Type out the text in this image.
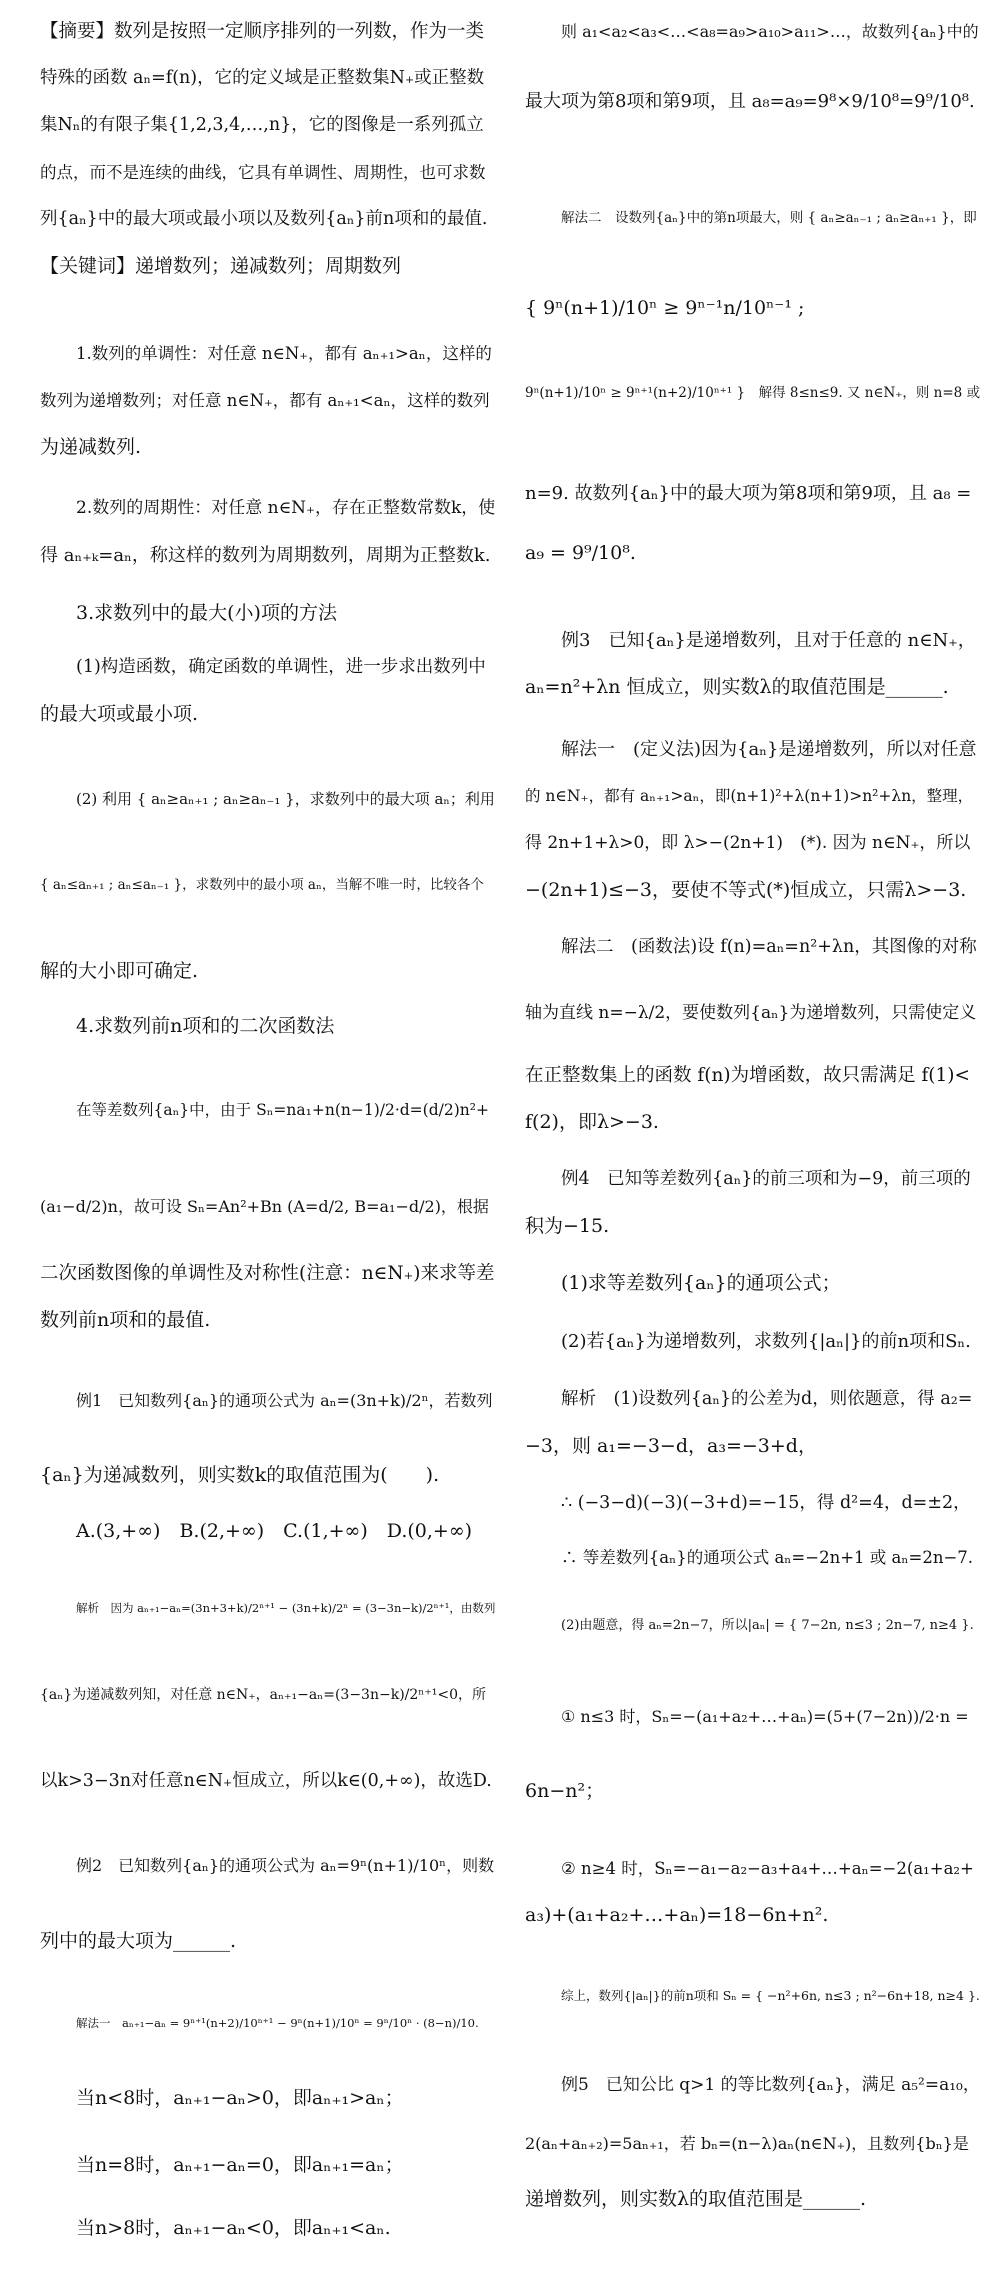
【摘要】数列是按照一定顺序排列的一列数，作为一类
特殊的函数 aₙ=f(n)，它的定义域是正整数集N₊或正整数
集Nₙ的有限子集{1,2,3,4,…,n}，它的图像是一系列孤立
的点，而不是连续的曲线，它具有单调性、周期性，也可求数
列{aₙ}中的最大项或最小项以及数列{aₙ}前n项和的最值.
【关键词】递增数列；递减数列；周期数列
1.数列的单调性：对任意 n∈N₊，都有 aₙ₊₁>aₙ，这样的
数列为递增数列；对任意 n∈N₊，都有 aₙ₊₁<aₙ，这样的数列
为递减数列.
2.数列的周期性：对任意 n∈N₊，存在正整数常数k，使
得 aₙ₊ₖ=aₙ，称这样的数列为周期数列，周期为正整数k.
3.求数列中的最大(小)项的方法
(1)构造函数，确定函数的单调性，进一步求出数列中
的最大项或最小项.
(2) 利用 { aₙ≥aₙ₊₁ ; aₙ≥aₙ₋₁ }，求数列中的最大项 aₙ；利用
{ aₙ≤aₙ₊₁ ; aₙ≤aₙ₋₁ }，求数列中的最小项 aₙ，当解不唯一时，比较各个
解的大小即可确定.
4.求数列前n项和的二次函数法
在等差数列{aₙ}中，由于 Sₙ=na₁+n(n−1)/2·d=(d/2)n²+
(a₁−d/2)n，故可设 Sₙ=An²+Bn (A=d/2, B=a₁−d/2)，根据
二次函数图像的单调性及对称性(注意：n∈N₊)来求等差
数列前n项和的最值.
例1　已知数列{aₙ}的通项公式为 aₙ=(3n+k)/2ⁿ，若数列
{aₙ}为递减数列，则实数k的取值范围为(　　).
A.(3,+∞)　B.(2,+∞)　C.(1,+∞)　D.(0,+∞)
解析　因为 aₙ₊₁−aₙ=(3n+3+k)/2ⁿ⁺¹ − (3n+k)/2ⁿ = (3−3n−k)/2ⁿ⁺¹，由数列
{aₙ}为递减数列知，对任意 n∈N₊，aₙ₊₁−aₙ=(3−3n−k)/2ⁿ⁺¹<0，所
以k>3−3n对任意n∈N₊恒成立，所以k∈(0,+∞)，故选D.
例2　已知数列{aₙ}的通项公式为 aₙ=9ⁿ(n+1)/10ⁿ，则数
列中的最大项为______.
解法一　aₙ₊₁−aₙ = 9ⁿ⁺¹(n+2)/10ⁿ⁺¹ − 9ⁿ(n+1)/10ⁿ = 9ⁿ/10ⁿ · (8−n)/10.
当n<8时，aₙ₊₁−aₙ>0，即aₙ₊₁>aₙ；
当n=8时，aₙ₊₁−aₙ=0，即aₙ₊₁=aₙ；
当n>8时，aₙ₊₁−aₙ<0，即aₙ₊₁<aₙ.
则 a₁<a₂<a₃<…<a₈=a₉>a₁₀>a₁₁>…，故数列{aₙ}中的
最大项为第8项和第9项，且 a₈=a₉=9⁸×9/10⁸=9⁹/10⁸.
解法二　设数列{aₙ}中的第n项最大，则 { aₙ≥aₙ₋₁ ; aₙ≥aₙ₊₁ }，即
{ 9ⁿ(n+1)/10ⁿ ≥ 9ⁿ⁻¹n/10ⁿ⁻¹ ;
9ⁿ(n+1)/10ⁿ ≥ 9ⁿ⁺¹(n+2)/10ⁿ⁺¹ }　解得 8≤n≤9. 又 n∈N₊，则 n=8 或
n=9. 故数列{aₙ}中的最大项为第8项和第9项，且 a₈ =
a₉ = 9⁹/10⁸.
例3　已知{aₙ}是递增数列，且对于任意的 n∈N₊，
aₙ=n²+λn 恒成立，则实数λ的取值范围是______.
解法一　(定义法)因为{aₙ}是递增数列，所以对任意
的 n∈N₊，都有 aₙ₊₁>aₙ，即(n+1)²+λ(n+1)>n²+λn，整理，
得 2n+1+λ>0，即 λ>−(2n+1)　(*). 因为 n∈N₊，所以
−(2n+1)≤−3，要使不等式(*)恒成立，只需λ>−3.
解法二　(函数法)设 f(n)=aₙ=n²+λn，其图像的对称
轴为直线 n=−λ/2，要使数列{aₙ}为递增数列，只需使定义
在正整数集上的函数 f(n)为增函数，故只需满足 f(1)<
f(2)，即λ>−3.
例4　已知等差数列{aₙ}的前三项和为−9，前三项的
积为−15.
(1)求等差数列{aₙ}的通项公式；
(2)若{aₙ}为递增数列，求数列{|aₙ|}的前n项和Sₙ.
解析　(1)设数列{aₙ}的公差为d，则依题意，得 a₂=
−3，则 a₁=−3−d，a₃=−3+d，
∴ (−3−d)(−3)(−3+d)=−15，得 d²=4，d=±2，
∴ 等差数列{aₙ}的通项公式 aₙ=−2n+1 或 aₙ=2n−7.
(2)由题意，得 aₙ=2n−7，所以|aₙ| = { 7−2n, n≤3 ; 2n−7, n≥4 }.
① n≤3 时，Sₙ=−(a₁+a₂+…+aₙ)=(5+(7−2n))/2·n =
6n−n²；
② n≥4 时，Sₙ=−a₁−a₂−a₃+a₄+…+aₙ=−2(a₁+a₂+
a₃)+(a₁+a₂+…+aₙ)=18−6n+n².
综上，数列{|aₙ|}的前n项和 Sₙ = { −n²+6n, n≤3 ; n²−6n+18, n≥4 }.
例5　已知公比 q>1 的等比数列{aₙ}，满足 a₅²=a₁₀，
2(aₙ+aₙ₊₂)=5aₙ₊₁，若 bₙ=(n−λ)aₙ(n∈N₊)，且数列{bₙ}是
递增数列，则实数λ的取值范围是______.
